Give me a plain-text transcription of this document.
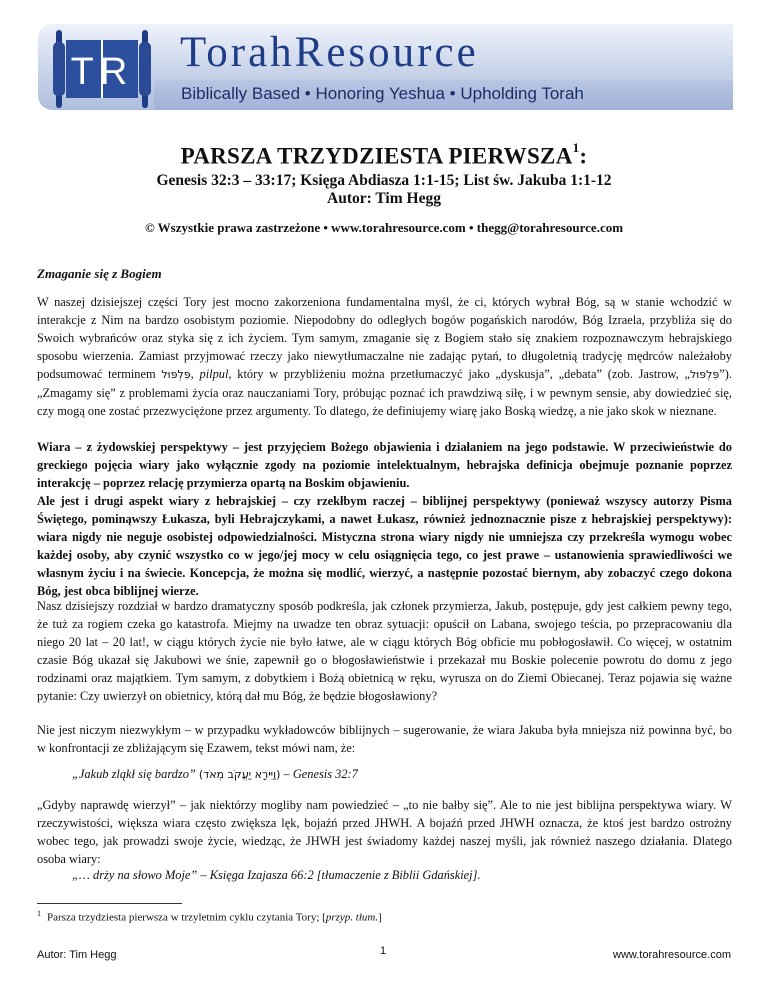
TR TorahResource
Biblically Based • Honoring Yeshua • Upholding Torah
PARSZA TRZYDZIESTA PIERWSZA$^1$:
Genesis 32:3 – 33:17; Księga Abdiasza 1:1-15; List św. Jakuba 1:1-12
Autor: Tim Hegg
© Wszystkie prawa zastrzeżone • www.torahresource.com • thegg@torahresource.com
Zmaganie się z Bogiem

W naszej dzisiejszej części Tory jest mocno zakorzeniona fundamentalna myśl, że ci, których wybrał Bóg, są w stanie wchodzić w interakcje z Nim na bardzo osobistym poziomie. Niepodobny do odległych bogów pogańskich narodów, Bóg Izraela, przybliża się do Swoich wybrańców oraz styka się z ich życiem. Tym samym, zmaganie się z Bogiem stało się znakiem rozpoznawczym hebrajskiego sposobu wierzenia. Zamiast przyjmować rzeczy jako niewytłumaczalne nie zadając pytań, to długoletnią tradycję mędrców należałoby podsumować terminem פִּלְפּוּל, pilpul, który w przybliżeniu można przetłumaczyć jako „dyskusja”, „debata” (zob. Jastrow, „פִּלְפּוּל”). „Zmagamy się” z problemami życia oraz nauczaniami Tory, próbując poznać ich prawdziwą siłę, i w pewnym sensie, aby dowiedzieć się, czy mogą one zostać przezwyciężone przez argumenty. To dlatego, że definiujemy wiarę jako Boską wiedzę, a nie jako skok w nieznane.

Wiara – z żydowskiej perspektywy – jest przyjęciem Bożego objawienia i działaniem na jego podstawie. W przeciwieństwie do greckiego pojęcia wiary jako wyłącznie zgody na poziomie intelektualnym, hebrajska definicja obejmuje poznanie poprzez interakcję – poprzez relację przymierza opartą na Boskim objawieniu.

Ale jest i drugi aspekt wiary z hebrajskiej – czy rzekłbym raczej – biblijnej perspektywy (ponieważ wszyscy autorzy Pisma Świętego, pominąwszy Łukasza, byli Hebrajczykami, a nawet Łukasz, również jednoznacznie pisze z hebrajskiej perspektywy): wiara nigdy nie neguje osobistej odpowiedzialności. Mistyczna strona wiary nigdy nie umniejsza czy przekreśla wymogu wobec każdej osoby, aby czynić wszystko co w jego/jej mocy w celu osiągnięcia tego, co jest prawe – ustanowienia sprawiedliwości we własnym życiu i na świecie. Koncepcja, że można się modlić, wierzyć, a następnie pozostać biernym, aby zobaczyć czego dokona Bóg, jest obca biblijnej wierze.

Nasz dzisiejszy rozdział w bardzo dramatyczny sposób podkreśla, jak członek przymierza, Jakub, postępuje, gdy jest całkiem pewny tego, że tuż za rogiem czeka go katastrofa. Miejmy na uwadze ten obraz sytuacji: opuścił on Labana, swojego teścia, po przepracowaniu dla niego 20 lat – 20 lat!, w ciągu których życie nie było łatwe, ale w ciągu których Bóg obficie mu pobłogosławił. Co więcej, w ostatnim czasie Bóg ukazał się Jakubowi we śnie, zapewnił go o błogosławieństwie i przekazał mu Boskie polecenie powrotu do domu z jego rodzinami oraz majątkiem. Tym samym, z dobytkiem i Bożą obietnicą w ręku, wyrusza on do Ziemi Obiecanej. Teraz pojawia się ważne pytanie: Czy uwierzył on obietnicy, którą dał mu Bóg, że będzie błogosławiony?

Nie jest niczym niezwykłym – w przypadku wykładowców biblijnych – sugerowanie, że wiara Jakuba była mniejsza niż powinna być, bo w konfrontacji ze zbliżającym się Ezawem, tekst mówi nam, że:

„Jakub zląkł się bardzo” (וַיִּירָא יַעֲקֹב מְאֹד) – Genesis 32:7

„Gdyby naprawdę wierzył” – jak niektórzy mogliby nam powiedzieć – „to nie bałby się”. Ale to nie jest biblijna perspektywa wiary. W rzeczywistości, większa wiara często zwiększa lęk, bojaźń przed JHWH. A bojaźń przed JHWH oznacza, że ktoś jest bardzo ostrożny wobec tego, jak prowadzi swoje życie, wiedząc, że JHWH jest świadomy każdej naszej myśli, jak również naszego działania. Dlatego osoba wiary:

„… drży na słowo Moje” – Księga Izajasza 66:2 [tłumaczenie z Biblii Gdańskiej].
$^1$ Parsza trzydziesta pierwsza w trzyletnim cyklu czytania Tory; [przyp. tłum.]
Autor: Tim Hegg	1	www.torahresource.com
